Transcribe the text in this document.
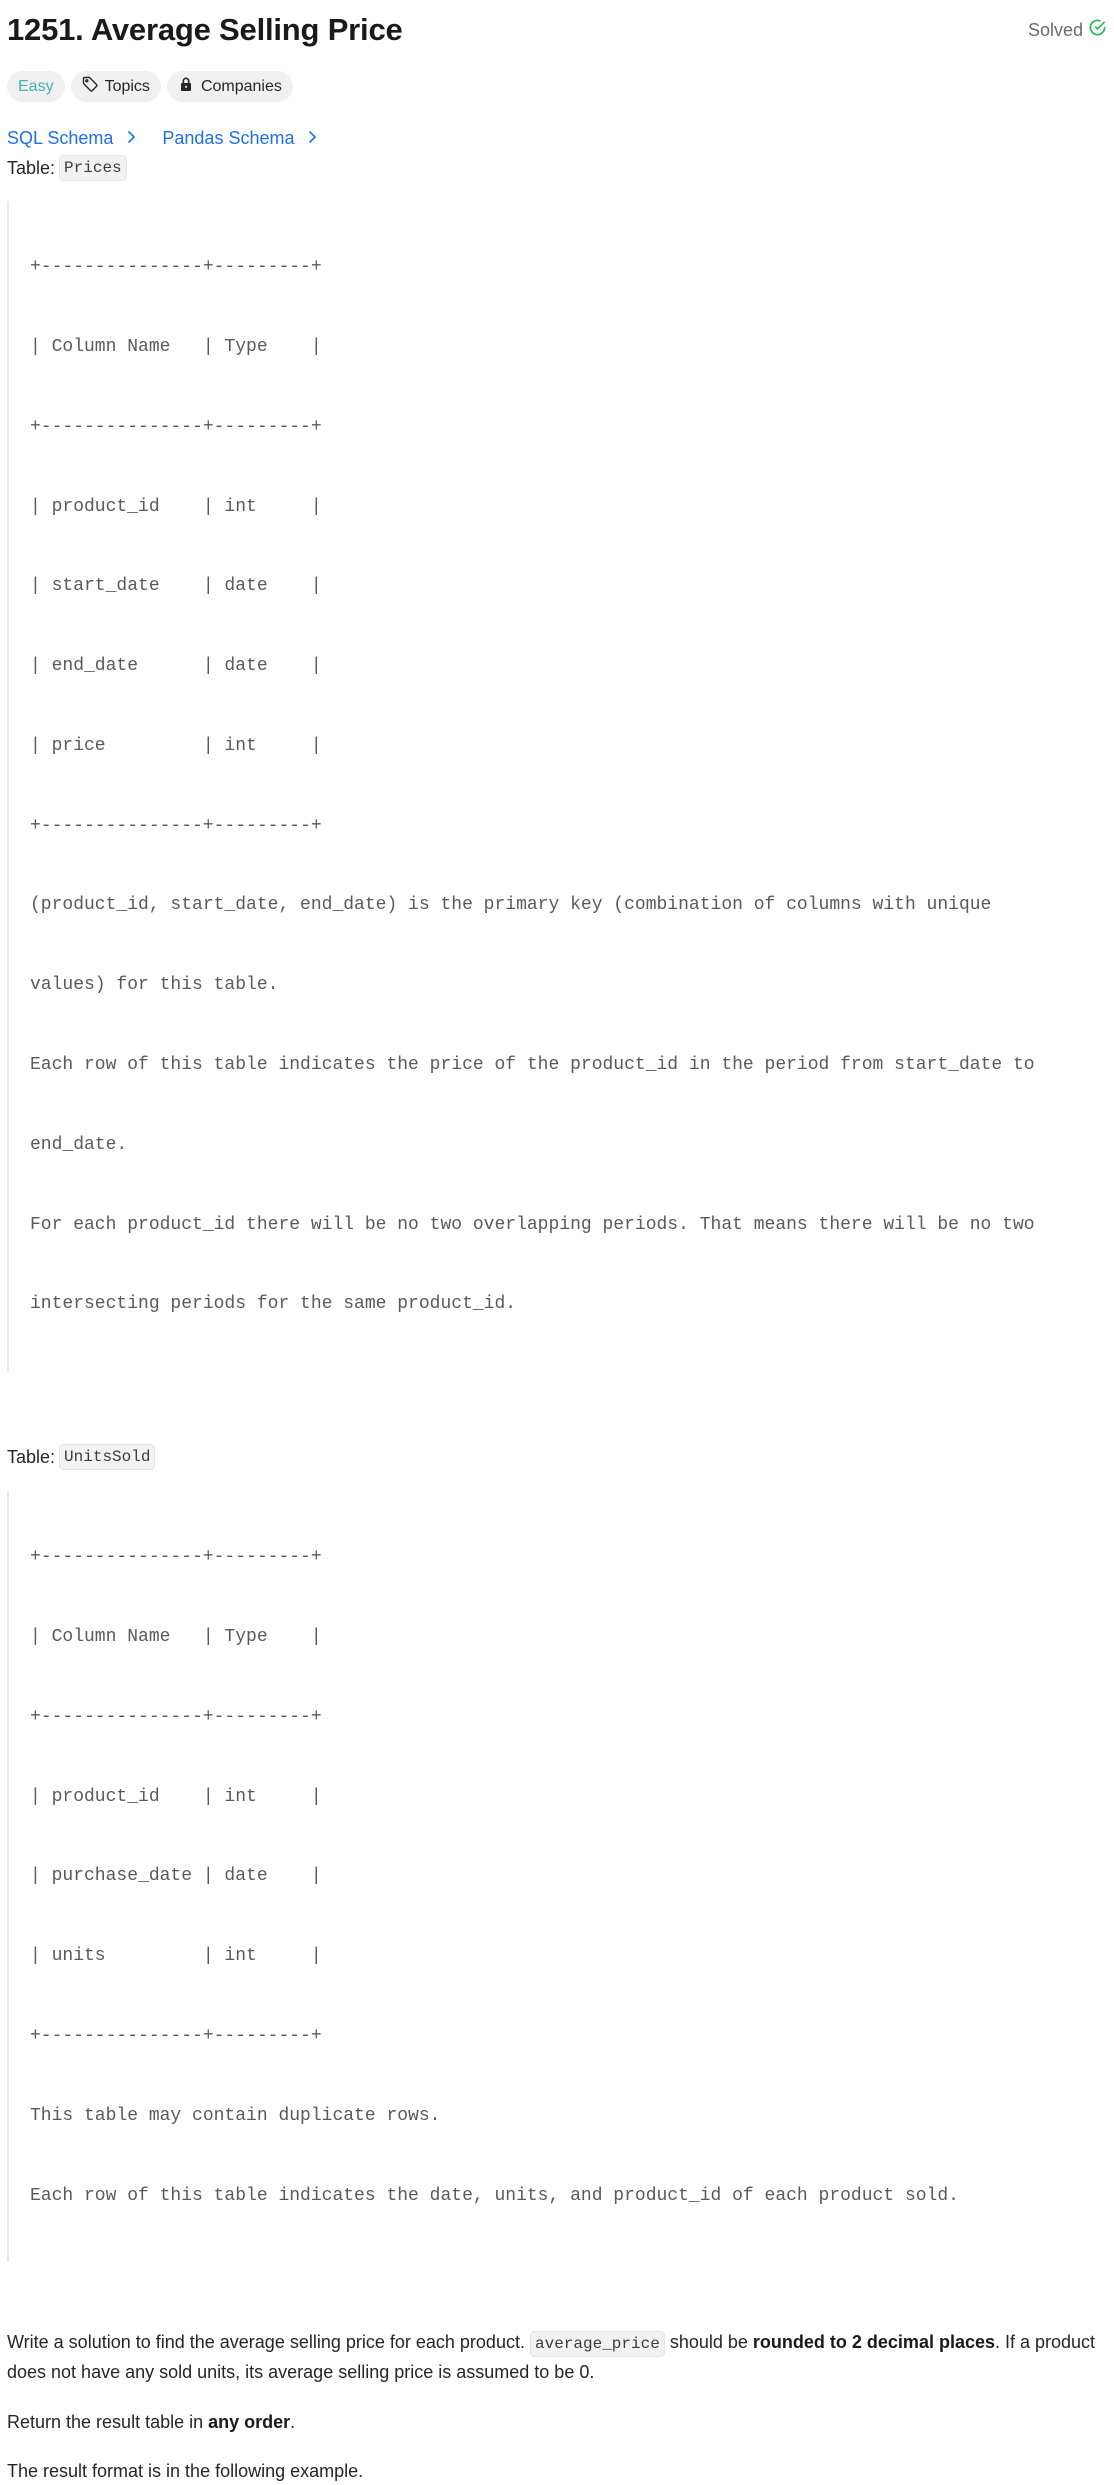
1251. Average Selling Price	Solved
Easy	Topics	Companies
SQL Schema	Pandas Schema
Table: Prices

+---------------+---------+

| Column Name   | Type    |

+---------------+---------+

| product_id    | int     |

| start_date    | date    |

| end_date      | date    |

| price         | int     |

+---------------+---------+

(product_id, start_date, end_date) is the primary key (combination of columns with unique

values) for this table.

Each row of this table indicates the price of the product_id in the period from start_date to

end_date.

For each product_id there will be no two overlapping periods. That means there will be no two

intersecting periods for the same product_id.

Table: UnitsSold

+---------------+---------+

| Column Name   | Type    |

+---------------+---------+

| product_id    | int     |

| purchase_date | date    |

| units         | int     |

+---------------+---------+

This table may contain duplicate rows.

Each row of this table indicates the date, units, and product_id of each product sold.

Write a solution to find the average selling price for each product. average_price should be rounded to 2 decimal places. If a product does not have any sold units, its average selling price is assumed to be 0.

Return the result table in any order.

The result format is in the following example.
